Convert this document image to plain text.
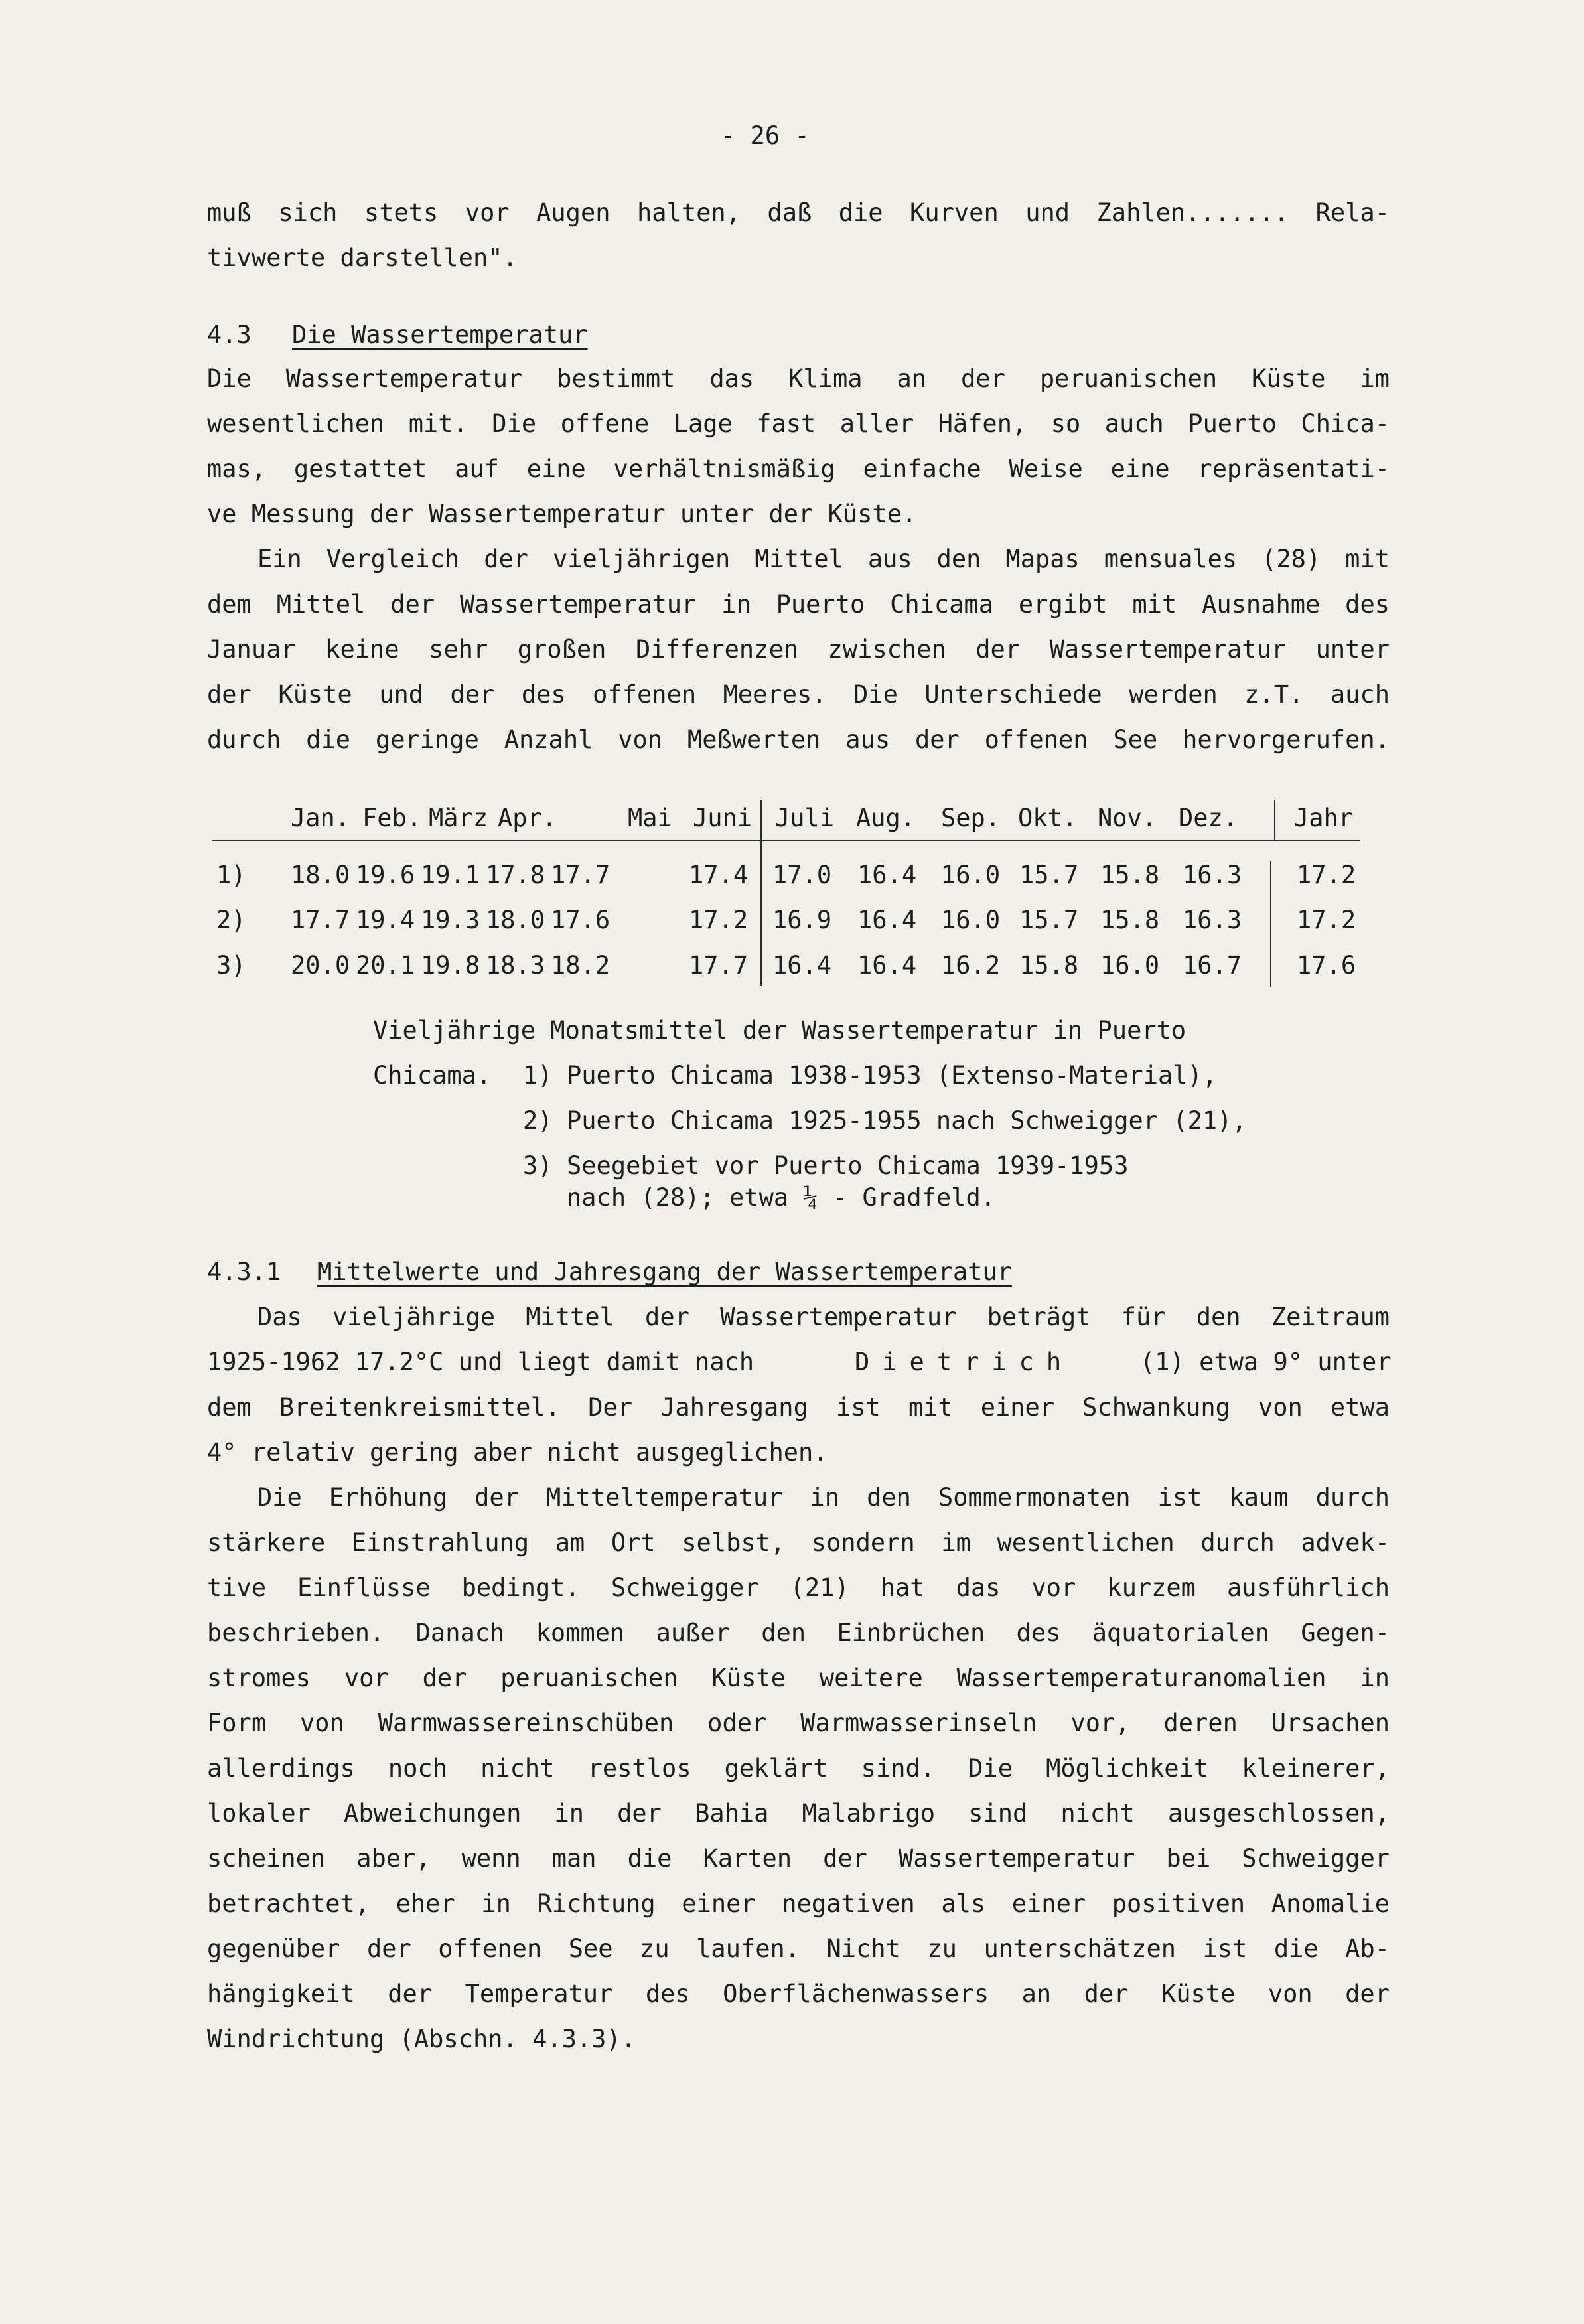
- 26 -
muß sich stets vor Augen halten, daß die Kurven und Zahlen....... Rela-
tivwerte darstellen".
4.3 Die Wassertemperatur
Die Wassertemperatur bestimmt das Klima an der peruanischen Küste im
wesentlichen mit. Die offene Lage fast aller Häfen, so auch Puerto Chica-
mas, gestattet auf eine verhältnismäßig einfache Weise eine repräsentati-
ve Messung der Wassertemperatur unter der Küste.
Ein Vergleich der vieljährigen Mittel aus den Mapas mensuales (28) mit
dem Mittel der Wassertemperatur in Puerto Chicama ergibt mit Ausnahme des
Januar keine sehr großen Differenzen zwischen der Wassertemperatur unter
der Küste und der des offenen Meeres. Die Unterschiede werden z.T. auch
durch die geringe Anzahl von Meßwerten aus der offenen See hervorgerufen.
Jan. Feb. März Apr.	Mai Juni Juli Aug. Sep. Okt. Nov. Dez. Jahr
1) 18.0 19.6 19.1 17.8 17.7	17.4 17.0 16.4 16.0 15.7 15.8 16.3 17.2
2) 17.7 19.4 19.3 18.0 17.6	17.2 16.9 16.4 16.0 15.7 15.8 16.3 17.2
3) 20.0 20.1 19.8 18.3 18.2	17.7 16.4 16.4 16.2 15.8 16.0 16.7 17.6
Vieljährige Monatsmittel der Wassertemperatur in Puerto
Chicama. 1) Puerto Chicama 1938-1953 (Extenso-Material),
2) Puerto Chicama 1925-1955 nach Schweigger (21),
3) Seegebiet vor Puerto Chicama 1939-1953
nach (28); etwa ¼ - Gradfeld.
4.3.1 Mittelwerte und Jahresgang der Wassertemperatur
Das vieljährige Mittel der Wassertemperatur beträgt für den Zeitraum
1925-1962 17.2°C und liegt damit nach	Dietrich	(1) etwa 9° unter
dem Breitenkreismittel. Der Jahresgang ist mit einer Schwankung von etwa
4° relativ gering aber nicht ausgeglichen.
Die Erhöhung der Mitteltemperatur in den Sommermonaten ist kaum durch
stärkere Einstrahlung am Ort selbst, sondern im wesentlichen durch advek-
tive Einflüsse bedingt. Schweigger (21) hat das vor kurzem ausführlich
beschrieben. Danach kommen außer den Einbrüchen des äquatorialen Gegen-
stromes vor der peruanischen Küste weitere Wassertemperaturanomalien in
Form von Warmwassereinschüben oder Warmwasserinseln vor, deren Ursachen
allerdings noch nicht restlos geklärt sind. Die Möglichkeit kleinerer,
lokaler Abweichungen in der Bahia Malabrigo sind nicht ausgeschlossen,
scheinen aber, wenn man die Karten der Wassertemperatur bei Schweigger
betrachtet, eher in Richtung einer negativen als einer positiven Anomalie
gegenüber der offenen See zu laufen. Nicht zu unterschätzen ist die Ab-
hängigkeit der Temperatur des Oberflächenwassers an der Küste von der
Windrichtung (Abschn. 4.3.3).
